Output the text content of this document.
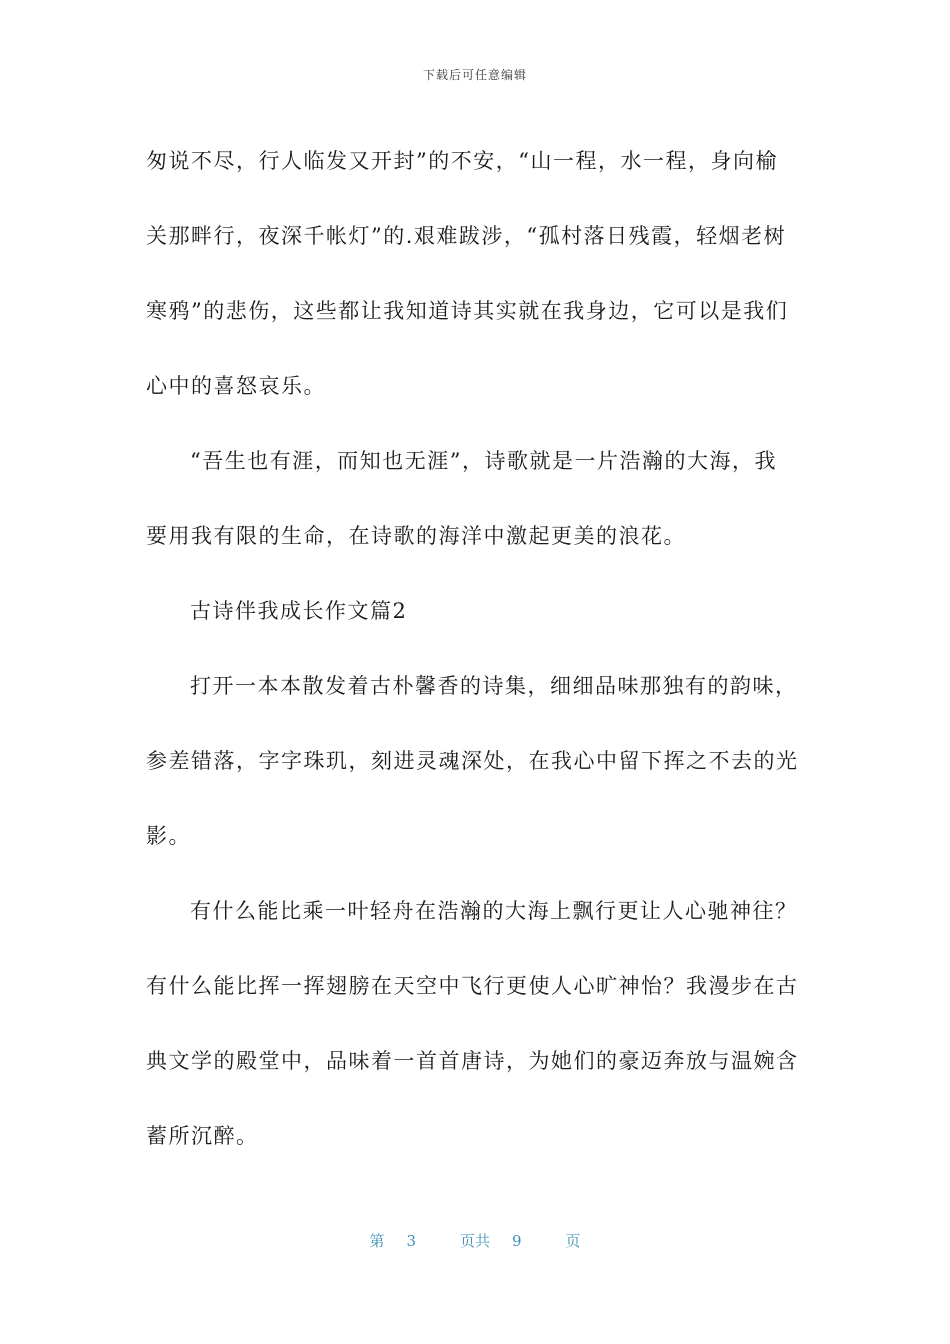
下载后可任意编辑
匆说不尽，行人临发又开封”的不安，“山一程，水一程，身向榆
关那畔行，夜深千帐灯”的.艰难跋涉，“孤村落日残霞，轻烟老树
寒鸦”的悲伤，这些都让我知道诗其实就在我身边，它可以是我们
心中的喜怒哀乐。
“吾生也有涯，而知也无涯”，诗歌就是一片浩瀚的大海，我
要用我有限的生命，在诗歌的海洋中激起更美的浪花。
古诗伴我成长作文篇2
打开一本本散发着古朴馨香的诗集，细细品味那独有的韵味，
参差错落，字字珠玑，刻进灵魂深处，在我心中留下挥之不去的光
影。
有什么能比乘一叶轻舟在浩瀚的大海上飘行更让人心驰神往？
有什么能比挥一挥翅膀在天空中飞行更使人心旷神怡？我漫步在古
典文学的殿堂中，品味着一首首唐诗，为她们的豪迈奔放与温婉含
蓄所沉醉。
第 3	页共 9	页
